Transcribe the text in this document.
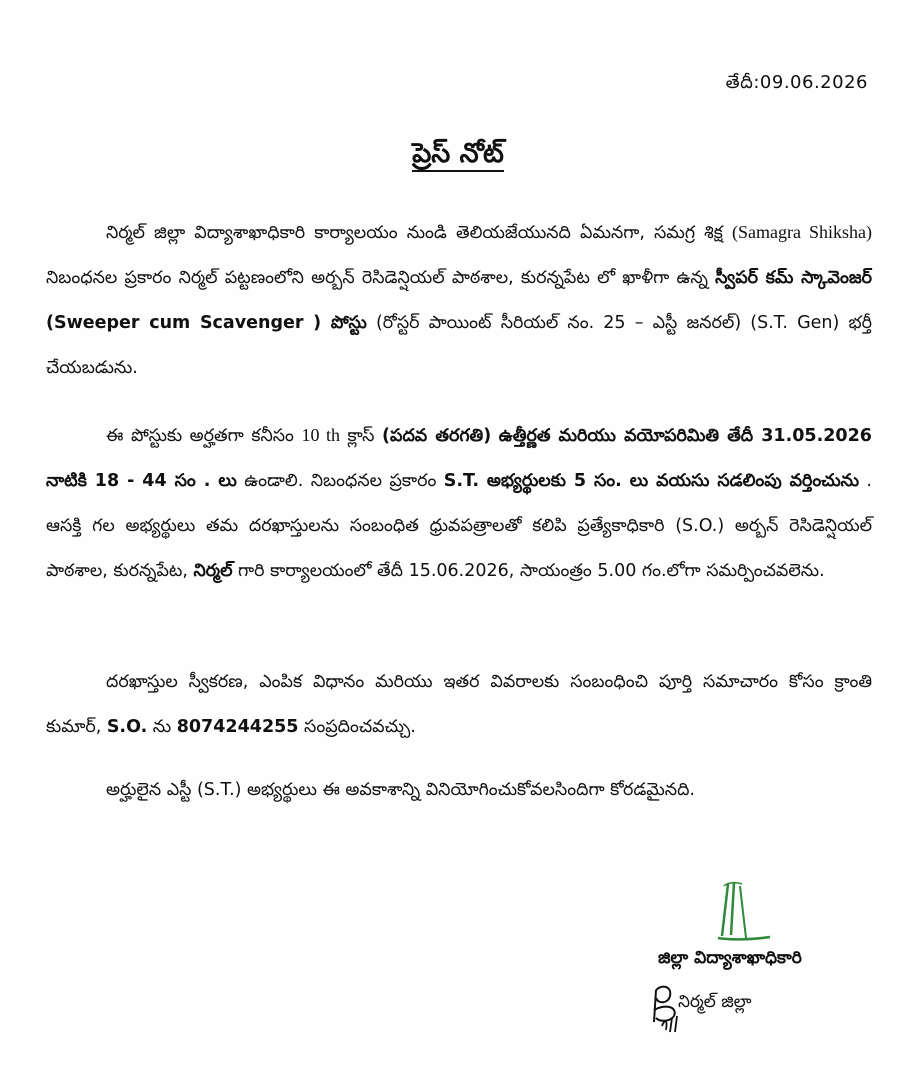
తేదీ:09.06.2026
ప్రెస్ నోట్
నిర్మల్ జిల్లా విద్యాశాఖాధికారి కార్యాలయం నుండి తెలియజేయునది ఏమనగా, సమగ్ర శిక్ష (Samagra Shiksha) నిబంధనల ప్రకారం నిర్మల్ పట్టణంలోని అర్బన్ రెసిడెన్షియల్ పాఠశాల, కురన్నపేట లో ఖాళీగా ఉన్న స్వీపర్ కమ్ స్కావెంజర్ (Sweeper cum Scavenger ) పోస్టు (రోస్టర్ పాయింట్ సీరియల్ నం. 25 – ఎస్టీ జనరల్) (S.T. Gen) భర్తీ చేయబడును.
ఈ పోస్టుకు అర్హతగా కనీసం 10 th క్లాస్ (పదవ తరగతి) ఉత్తీర్ణత మరియు వయోపరిమితి తేదీ 31.05.2026 నాటికి 18 - 44 సం . లు ఉండాలి. నిబంధనల ప్రకారం S.T. అభ్యర్థులకు 5 సం. లు వయసు సడలింపు వర్తించును . ఆసక్తి గల అభ్యర్థులు తమ దరఖాస్తులను సంబంధిత ధ్రువపత్రాలతో కలిపి ప్రత్యేకాధికారి (S.O.) అర్బన్ రెసిడెన్షియల్ పాఠశాల, కురన్నపేట, నిర్మల్ గారి కార్యాలయంలో తేదీ 15.06.2026, సాయంత్రం 5.00 గం.లోగా సమర్పించవలెను.
దరఖాస్తుల స్వీకరణ, ఎంపిక విధానం మరియు ఇతర వివరాలకు సంబంధించి పూర్తి సమాచారం కోసం క్రాంతి కుమార్, S.O. ను 8074244255 సంప్రదించవచ్చు.
అర్హులైన ఎస్టీ (S.T.) అభ్యర్థులు ఈ అవకాశాన్ని వినియోగించుకోవలసిందిగా కోరడమైనది.
జిల్లా విద్యాశాఖాధికారి
నిర్మల్ జిల్లా
